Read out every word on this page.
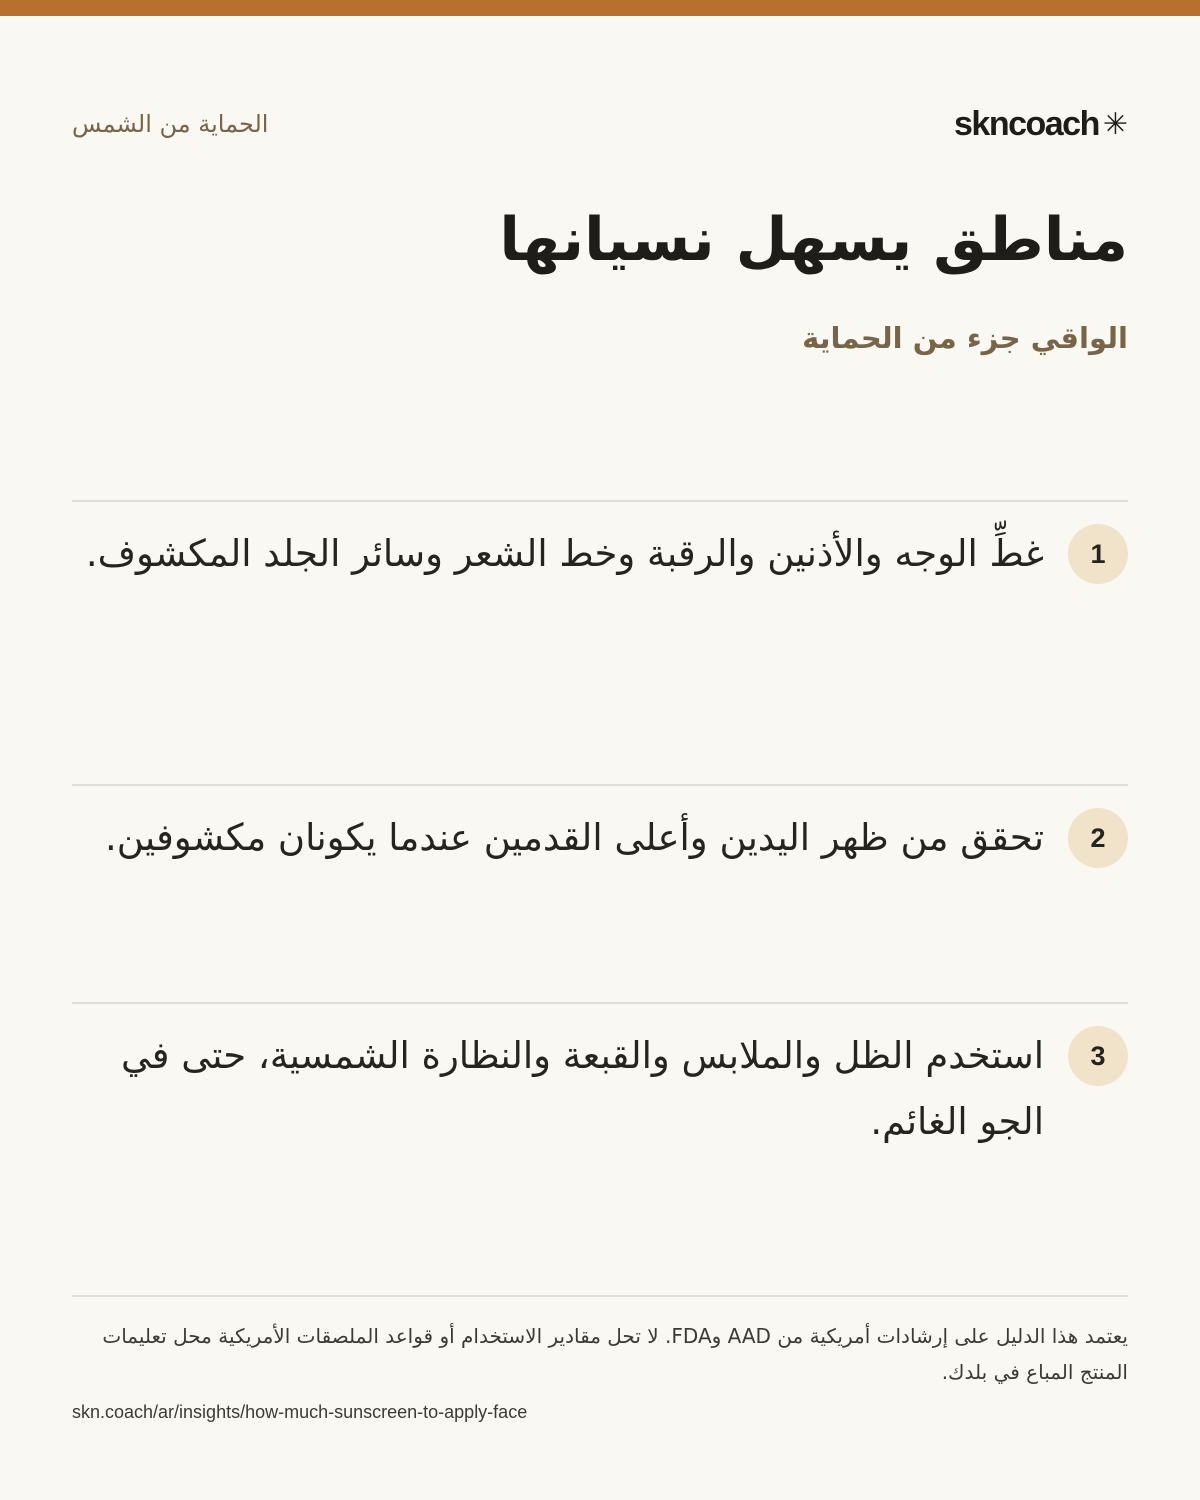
الحماية من الشمس	skncoach ✳
مناطق يسهل نسيانها
الواقي جزء من الحماية
1
غطِّ الوجه والأذنين والرقبة وخط الشعر وسائر الجلد المكشوف.
2
تحقق من ظهر اليدين وأعلى القدمين عندما يكونان مكشوفين.
3
استخدم الظل والملابس والقبعة والنظارة الشمسية، حتى في الجو الغائم.
يعتمد هذا الدليل على إرشادات أمريكية من AAD وFDA. لا تحل مقادير الاستخدام أو قواعد الملصقات الأمريكية محل تعليمات المنتج المباع في بلدك.
skn.coach/ar/insights/how-much-sunscreen-to-apply-face
